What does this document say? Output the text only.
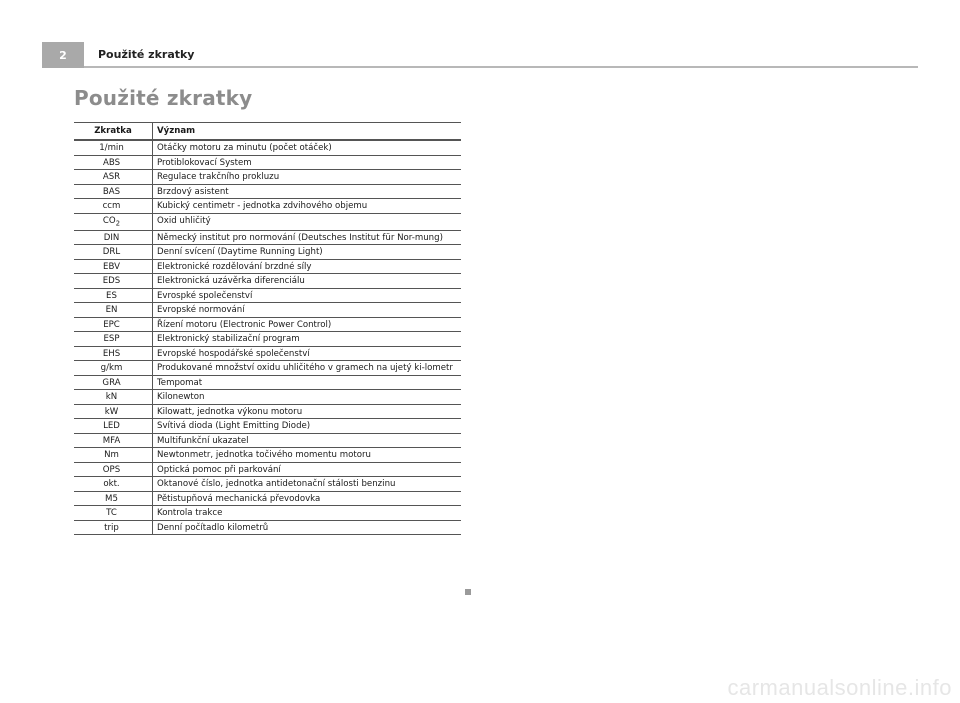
2	Použité zkratky
Použité zkratky
Zkratka	Význam
1/min	Otáčky motoru za minutu (počet otáček)
ABS	Protiblokovací System
ASR	Regulace trakčního prokluzu
BAS	Brzdový asistent
ccm	Kubický centimetr - jednotka zdvihového objemu
$CO_2$	Oxid uhličitý
DIN	Německý institut pro normování (Deutsches Institut für Nor-mung)
DRL	Denní svícení (Daytime Running Light)
EBV	Elektronické rozdělování brzdné síly
EDS	Elektronická uzávěrka diferenciálu
ES	Evrospké společenství
EN	Evropské normování
EPC	Řízení motoru (Electronic Power Control)
ESP	Elektronický stabilizační program
EHS	Evropské hospodářské společenství
g/km	Produkované množství oxidu uhličitého v gramech na ujetý ki-lometr
GRA	Tempomat
kN	Kilonewton
kW	Kilowatt, jednotka výkonu motoru
LED	Svítivá dioda (Light Emitting Diode)
MFA	Multifunkční ukazatel
Nm	Newtonmetr, jednotka točivého momentu motoru
OPS	Optická pomoc při parkování
okt.	Oktanové číslo, jednotka antidetonační stálosti benzinu
M5	Pětistupňová mechanická převodovka
TC	Kontrola trakce
trip	Denní počítadlo kilometrů
carmanualsonline.info
